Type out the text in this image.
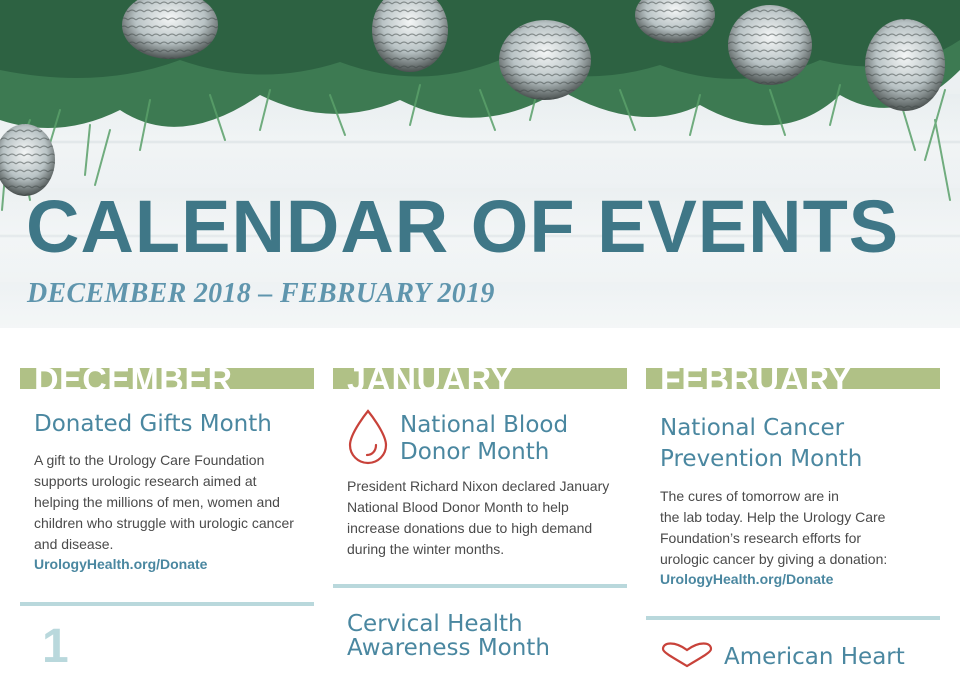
CALENDAR OF EVENTS

DECEMBER 2018 – FEBRUARY 2019

DECEMBER
Donated Gifts Month

A gift to the Urology Care Foundation supports urologic research aimed at helping the millions of men, women and children who struggle with urologic cancer and disease.

UrologyHealth.org/Donate
1
JANUARY
National Blood
Donor Month

President Richard Nixon declared January National Blood Donor Month to help increase donations due to high demand during the winter months.

Cervical Health
Awareness Month
FEBRUARY
National Cancer
Prevention Month

The cures of tomorrow are in
the lab today. Help the Urology Care Foundation’s research efforts for urologic cancer by giving a donation:

UrologyHealth.org/Donate
American Heart
